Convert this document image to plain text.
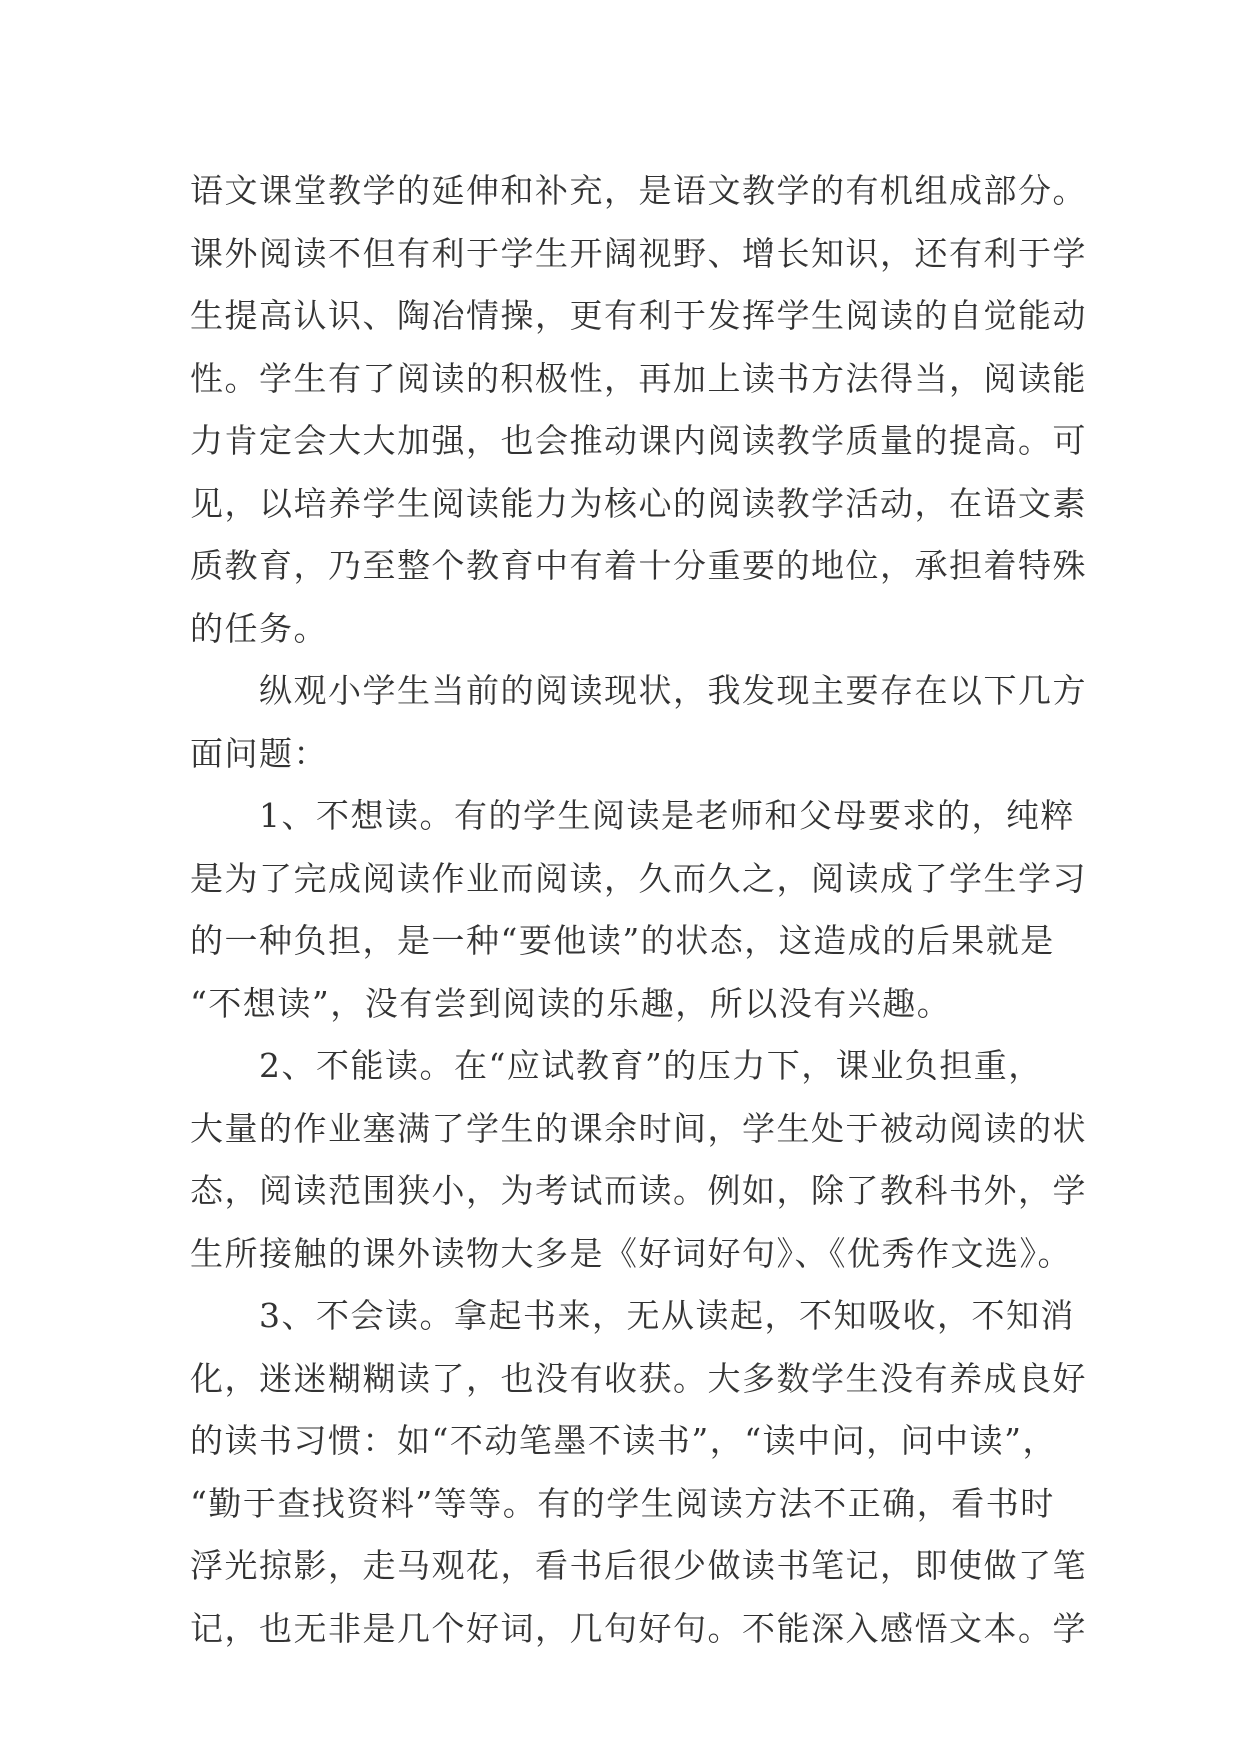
语文课堂教学的延伸和补充，是语文教学的有机组成部分。
课外阅读不但有利于学生开阔视野、增长知识，还有利于学
生提高认识、陶冶情操，更有利于发挥学生阅读的自觉能动
性。学生有了阅读的积极性，再加上读书方法得当，阅读能
力肯定会大大加强，也会推动课内阅读教学质量的提高。可
见，以培养学生阅读能力为核心的阅读教学活动，在语文素
质教育，乃至整个教育中有着十分重要的地位，承担着特殊
的任务。
　　纵观小学生当前的阅读现状，我发现主要存在以下几方
面问题：
　　1、不想读。有的学生阅读是老师和父母要求的，纯粹
是为了完成阅读作业而阅读，久而久之，阅读成了学生学习
的一种负担，是一种“要他读”的状态，这造成的后果就是
“不想读”，没有尝到阅读的乐趣，所以没有兴趣。
　　2、不能读。在“应试教育”的压力下，课业负担重，
大量的作业塞满了学生的课余时间，学生处于被动阅读的状
态，阅读范围狭小，为考试而读。例如，除了教科书外，学
生所接触的课外读物大多是《好词好句》、《优秀作文选》。
　　3、不会读。拿起书来，无从读起，不知吸收，不知消
化，迷迷糊糊读了，也没有收获。大多数学生没有养成良好
的读书习惯：如“不动笔墨不读书”，“读中问，问中读”，
“勤于查找资料”等等。有的学生阅读方法不正确，看书时
浮光掠影，走马观花，看书后很少做读书笔记，即使做了笔
记，也无非是几个好词，几句好句。不能深入感悟文本。学
